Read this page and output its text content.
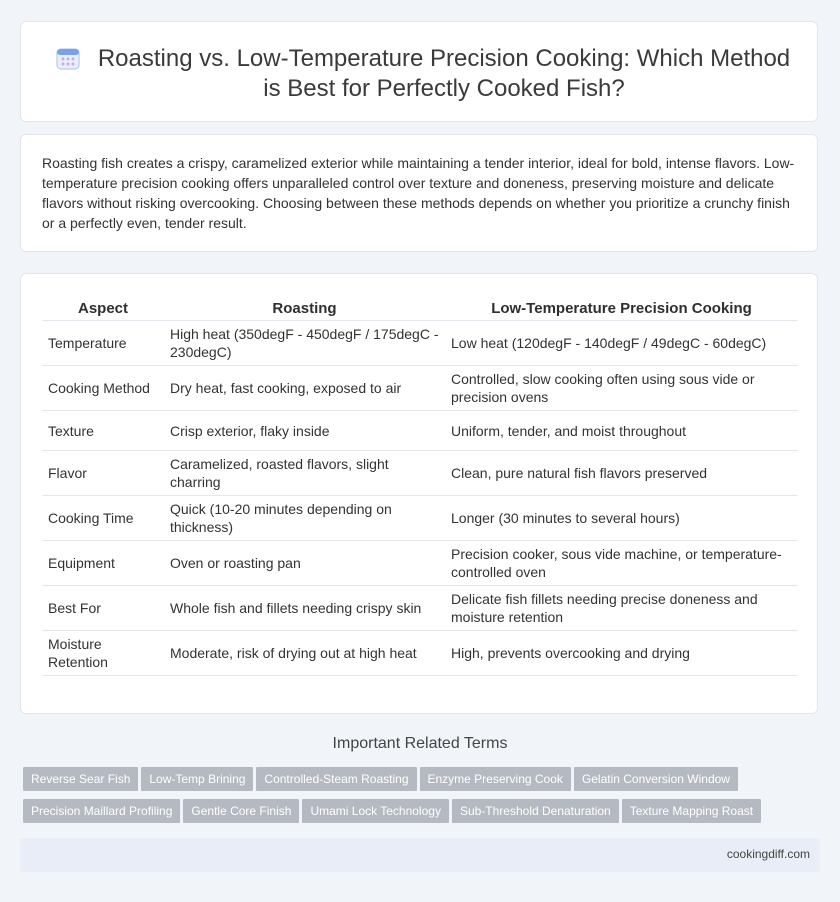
Roasting vs. Low-Temperature Precision Cooking: Which Method is Best for Perfectly Cooked Fish?
Roasting fish creates a crispy, caramelized exterior while maintaining a tender interior, ideal for bold, intense flavors. Low-temperature precision cooking offers unparalleled control over texture and doneness, preserving moisture and delicate flavors without risking overcooking. Choosing between these methods depends on whether you prioritize a crunchy finish or a perfectly even, tender result.
Aspect	Roasting	Low-Temperature Precision Cooking
Temperature	High heat (350degF - 450degF / 175degC - 230degC)	Low heat (120degF - 140degF / 49degC - 60degC)
Cooking Method	Dry heat, fast cooking, exposed to air	Controlled, slow cooking often using sous vide or precision ovens
Texture	Crisp exterior, flaky inside	Uniform, tender, and moist throughout
Flavor	Caramelized, roasted flavors, slight charring	Clean, pure natural fish flavors preserved
Cooking Time	Quick (10-20 minutes depending on thickness)	Longer (30 minutes to several hours)
Equipment	Oven or roasting pan	Precision cooker, sous vide machine, or temperature-controlled oven
Best For	Whole fish and fillets needing crispy skin	Delicate fish fillets needing precise doneness and moisture retention
Moisture Retention	Moderate, risk of drying out at high heat	High, prevents overcooking and drying
Important Related Terms
Reverse Sear Fish Low-Temp Brining Controlled-Steam Roasting Enzyme Preserving Cook Gelatin Conversion Window
Precision Maillard Profiling Gentle Core Finish Umami Lock Technology Sub-Threshold Denaturation Texture Mapping Roast
cookingdiff.com
